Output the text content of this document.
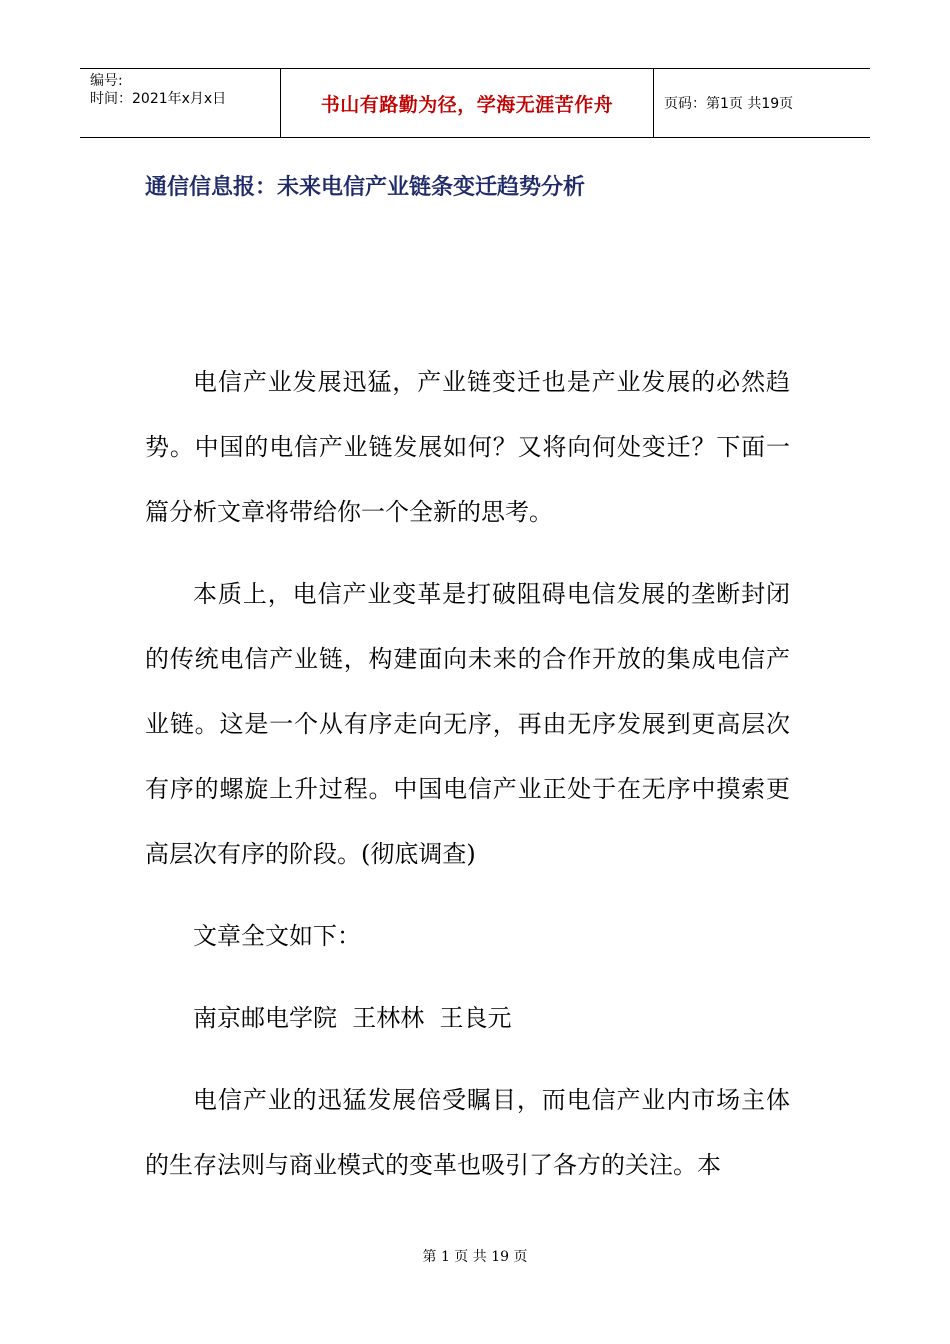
编号:
时间：2021年x月x日	书山有路勤为径，学海无涯苦作舟	页码：第1页 共19页
通信信息报：未来电信产业链条变迁趋势分析

电信产业发展迅猛，产业链变迁也是产业发展的必然趋势。中国的电信产业链发展如何？又将向何处变迁？下面一篇分析文章将带给你一个全新的思考。

本质上，电信产业变革是打破阻碍电信发展的垄断封闭的传统电信产业链，构建面向未来的合作开放的集成电信产业链。这是一个从有序走向无序，再由无序发展到更高层次有序的螺旋上升过程。中国电信产业正处于在无序中摸索更高层次有序的阶段。(彻底调查)

文章全文如下：

南京邮电学院  王林林  王良元

电信产业的迅猛发展倍受瞩目，而电信产业内市场主体的生存法则与商业模式的变革也吸引了各方的关注。本

第 1 页 共 19 页
